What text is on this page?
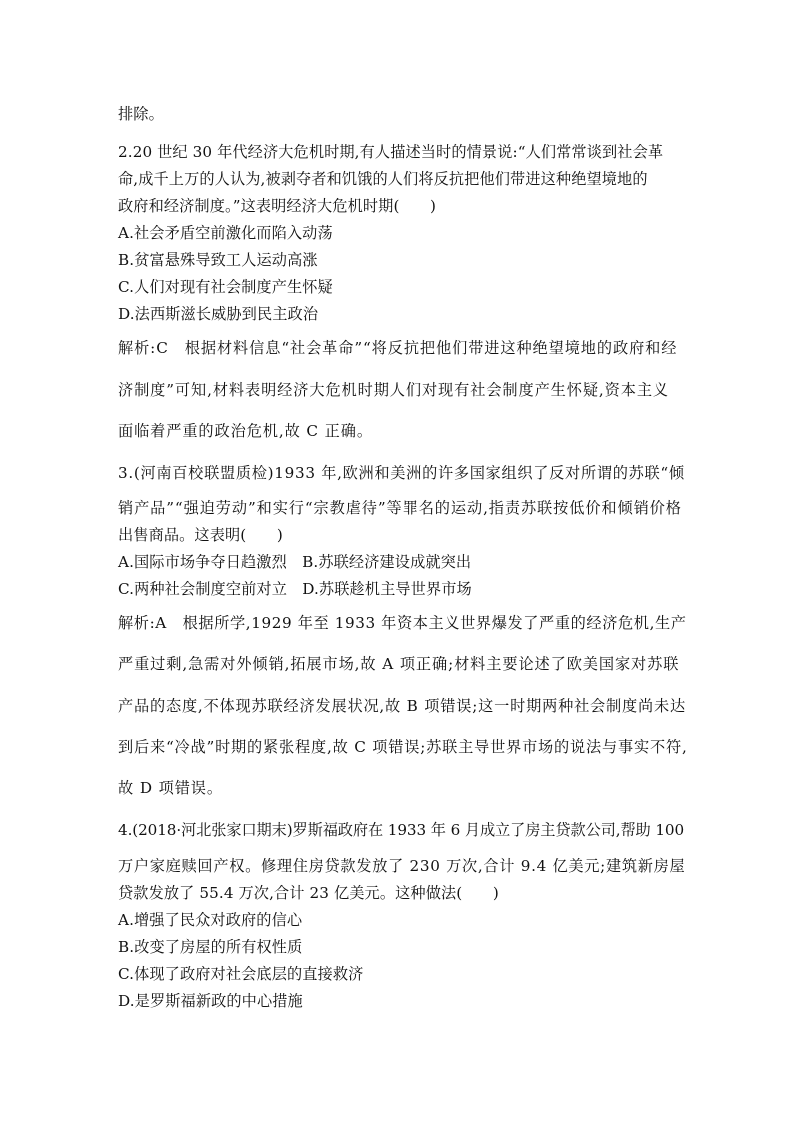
排除。
2.20 世纪 30 年代经济大危机时期,有人描述当时的情景说:“人们常常谈到社会革
命,成千上万的人认为,被剥夺者和饥饿的人们将反抗把他们带进这种绝望境地的
政府和经济制度。”这表明经济大危机时期(　　)
A.社会矛盾空前激化而陷入动荡
B.贫富悬殊导致工人运动高涨
C.人们对现有社会制度产生怀疑
D.法西斯滋长威胁到民主政治
解析:C　根据材料信息“社会革命”“将反抗把他们带进这种绝望境地的政府和经
济制度”可知,材料表明经济大危机时期人们对现有社会制度产生怀疑,资本主义
面临着严重的政治危机,故 C 正确。
3.(河南百校联盟质检)1933 年,欧洲和美洲的许多国家组织了反对所谓的苏联“倾
销产品”“强迫劳动”和实行“宗教虐待”等罪名的运动,指责苏联按低价和倾销价格
出售商品。这表明(　　)
A.国际市场争夺日趋激烈　B.苏联经济建设成就突出
C.两种社会制度空前对立　D.苏联趁机主导世界市场
解析:A　根据所学,1929 年至 1933 年资本主义世界爆发了严重的经济危机,生产
严重过剩,急需对外倾销,拓展市场,故 A 项正确;材料主要论述了欧美国家对苏联
产品的态度,不体现苏联经济发展状况,故 B 项错误;这一时期两种社会制度尚未达
到后来“冷战”时期的紧张程度,故 C 项错误;苏联主导世界市场的说法与事实不符,
故 D 项错误。
4.(2018·河北张家口期末)罗斯福政府在 1933 年 6 月成立了房主贷款公司,帮助 100
万户家庭赎回产权。修理住房贷款发放了 230 万次,合计 9.4 亿美元;建筑新房屋
贷款发放了 55.4 万次,合计 23 亿美元。这种做法(　　)
A.增强了民众对政府的信心
B.改变了房屋的所有权性质
C.体现了政府对社会底层的直接救济
D.是罗斯福新政的中心措施
